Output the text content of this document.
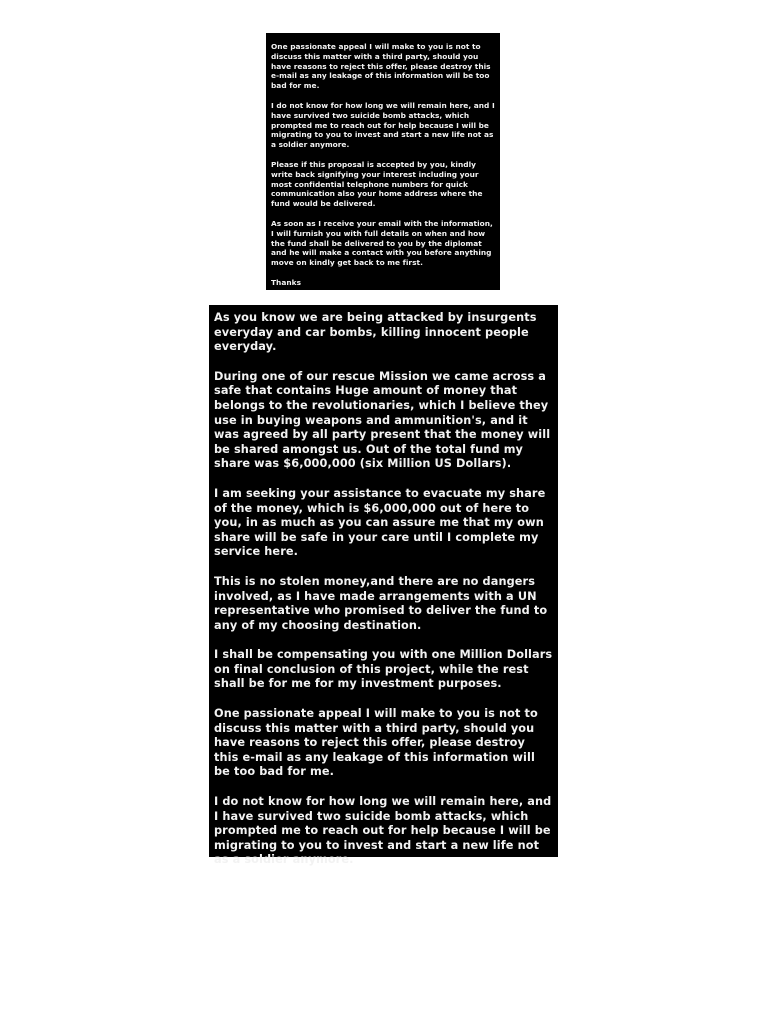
One passionate appeal I will make to you is not to discuss this matter with a third party, should you have reasons to reject this offer, please destroy this e-mail as any leakage of this information will be too bad for me.

I do not know for how long we will remain here, and I have survived two suicide bomb attacks, which prompted me to reach out for help because I will be migrating to you to invest and start a new life not as a soldier anymore.

Please if this proposal is accepted by you, kindly write back signifying your interest including your most confidential telephone numbers for quick communication also your home address where the fund would be delivered.

As soon as I receive your email with the information, I will furnish you with full details on when and how the fund shall be delivered to you by the diplomat and he will make a contact with you before anything move on kindly get back to me first.

Thanks

As you know we are being attacked by insurgents everyday and car bombs, killing innocent people everyday.

During one of our rescue Mission we came across a safe that contains Huge amount of money that belongs to the revolutionaries, which I believe they use in buying weapons and ammunition's, and it was agreed by all party present that the money will be shared amongst us. Out of the total fund my share was $6,000,000 (six Million US Dollars).

I am seeking your assistance to evacuate my share of the money, which is $6,000,000 out of here to you, in as much as you can assure me that my own share will be safe in your care until I complete my service here.

This is no stolen money,and there are no dangers involved, as I have made arrangements with a UN representative who promised to deliver the fund to any of my choosing destination.

I shall be compensating you with one Million Dollars on final conclusion of this project, while the rest shall be for me for my investment purposes.

One passionate appeal I will make to you is not to discuss this matter with a third party, should you have reasons to reject this offer, please destroy this e-mail as any leakage of this information will be too bad for me.

I do not know for how long we will remain here, and I have survived two suicide bomb attacks, which prompted me to reach out for help because I will be migrating to you to invest and start a new life not as a soldier anymore.
